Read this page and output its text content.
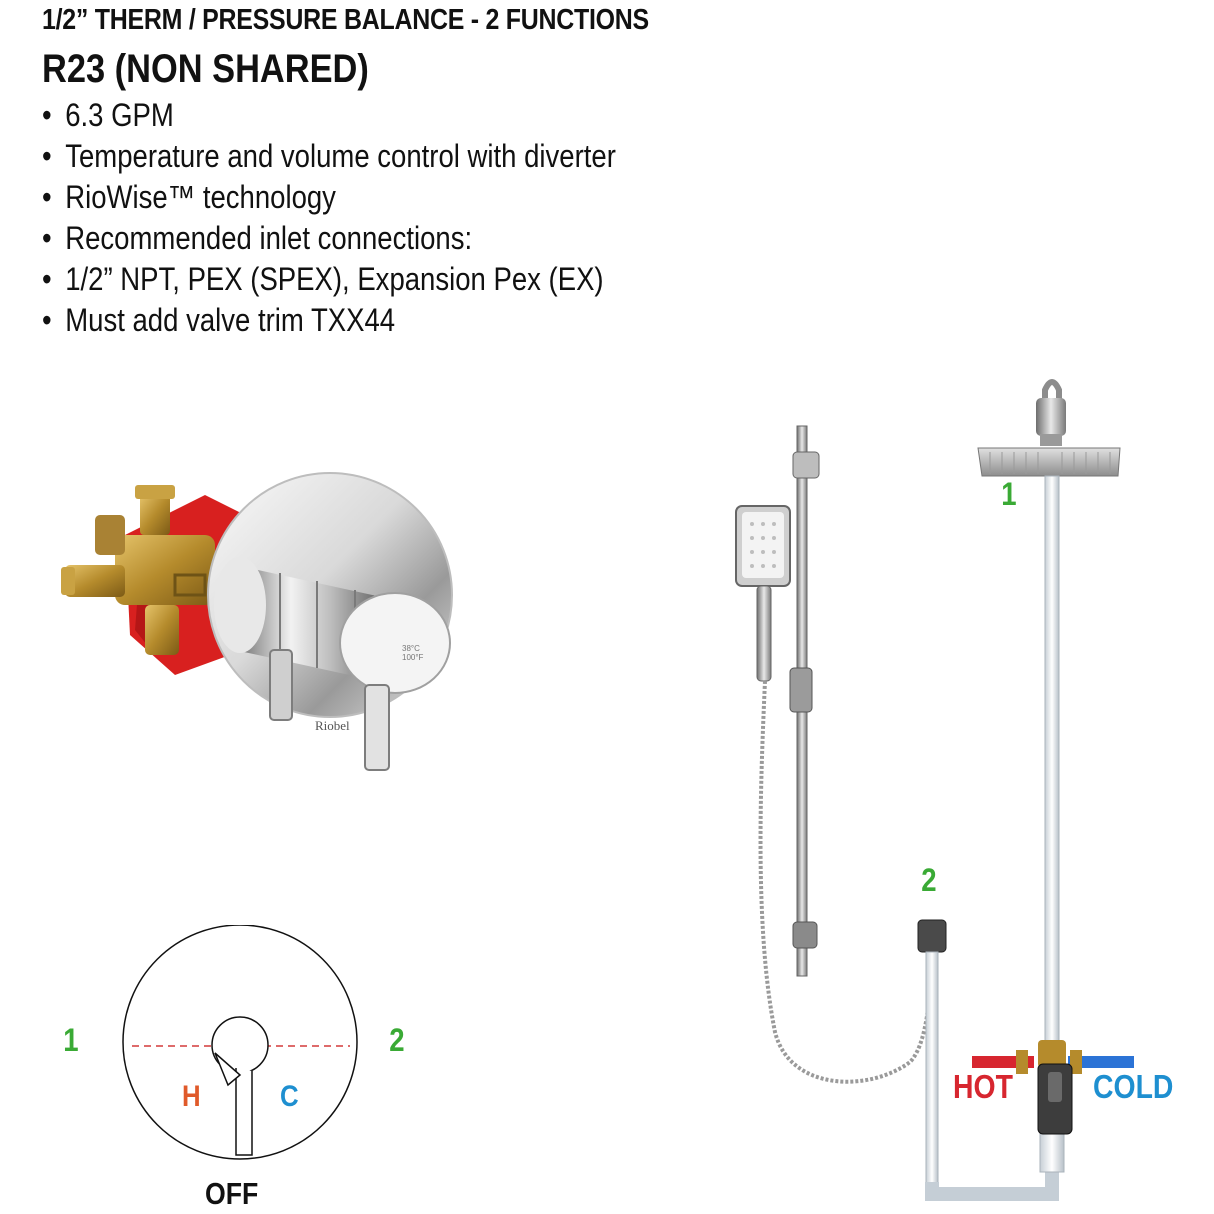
1/2” THERM / PRESSURE BALANCE - 2 FUNCTIONS
R23 (NON SHARED)
• 6.3 GPM
• Temperature and volume control with diverter
• RioWise™ technology
• Recommended inlet connections:
• 1/2” NPT, PEX (SPEX), Expansion Pex (EX)
• Must add valve trim TXX44
38°C
100°F
Riobel
1	2
H	C
OFF
1
2
HOT COLD
